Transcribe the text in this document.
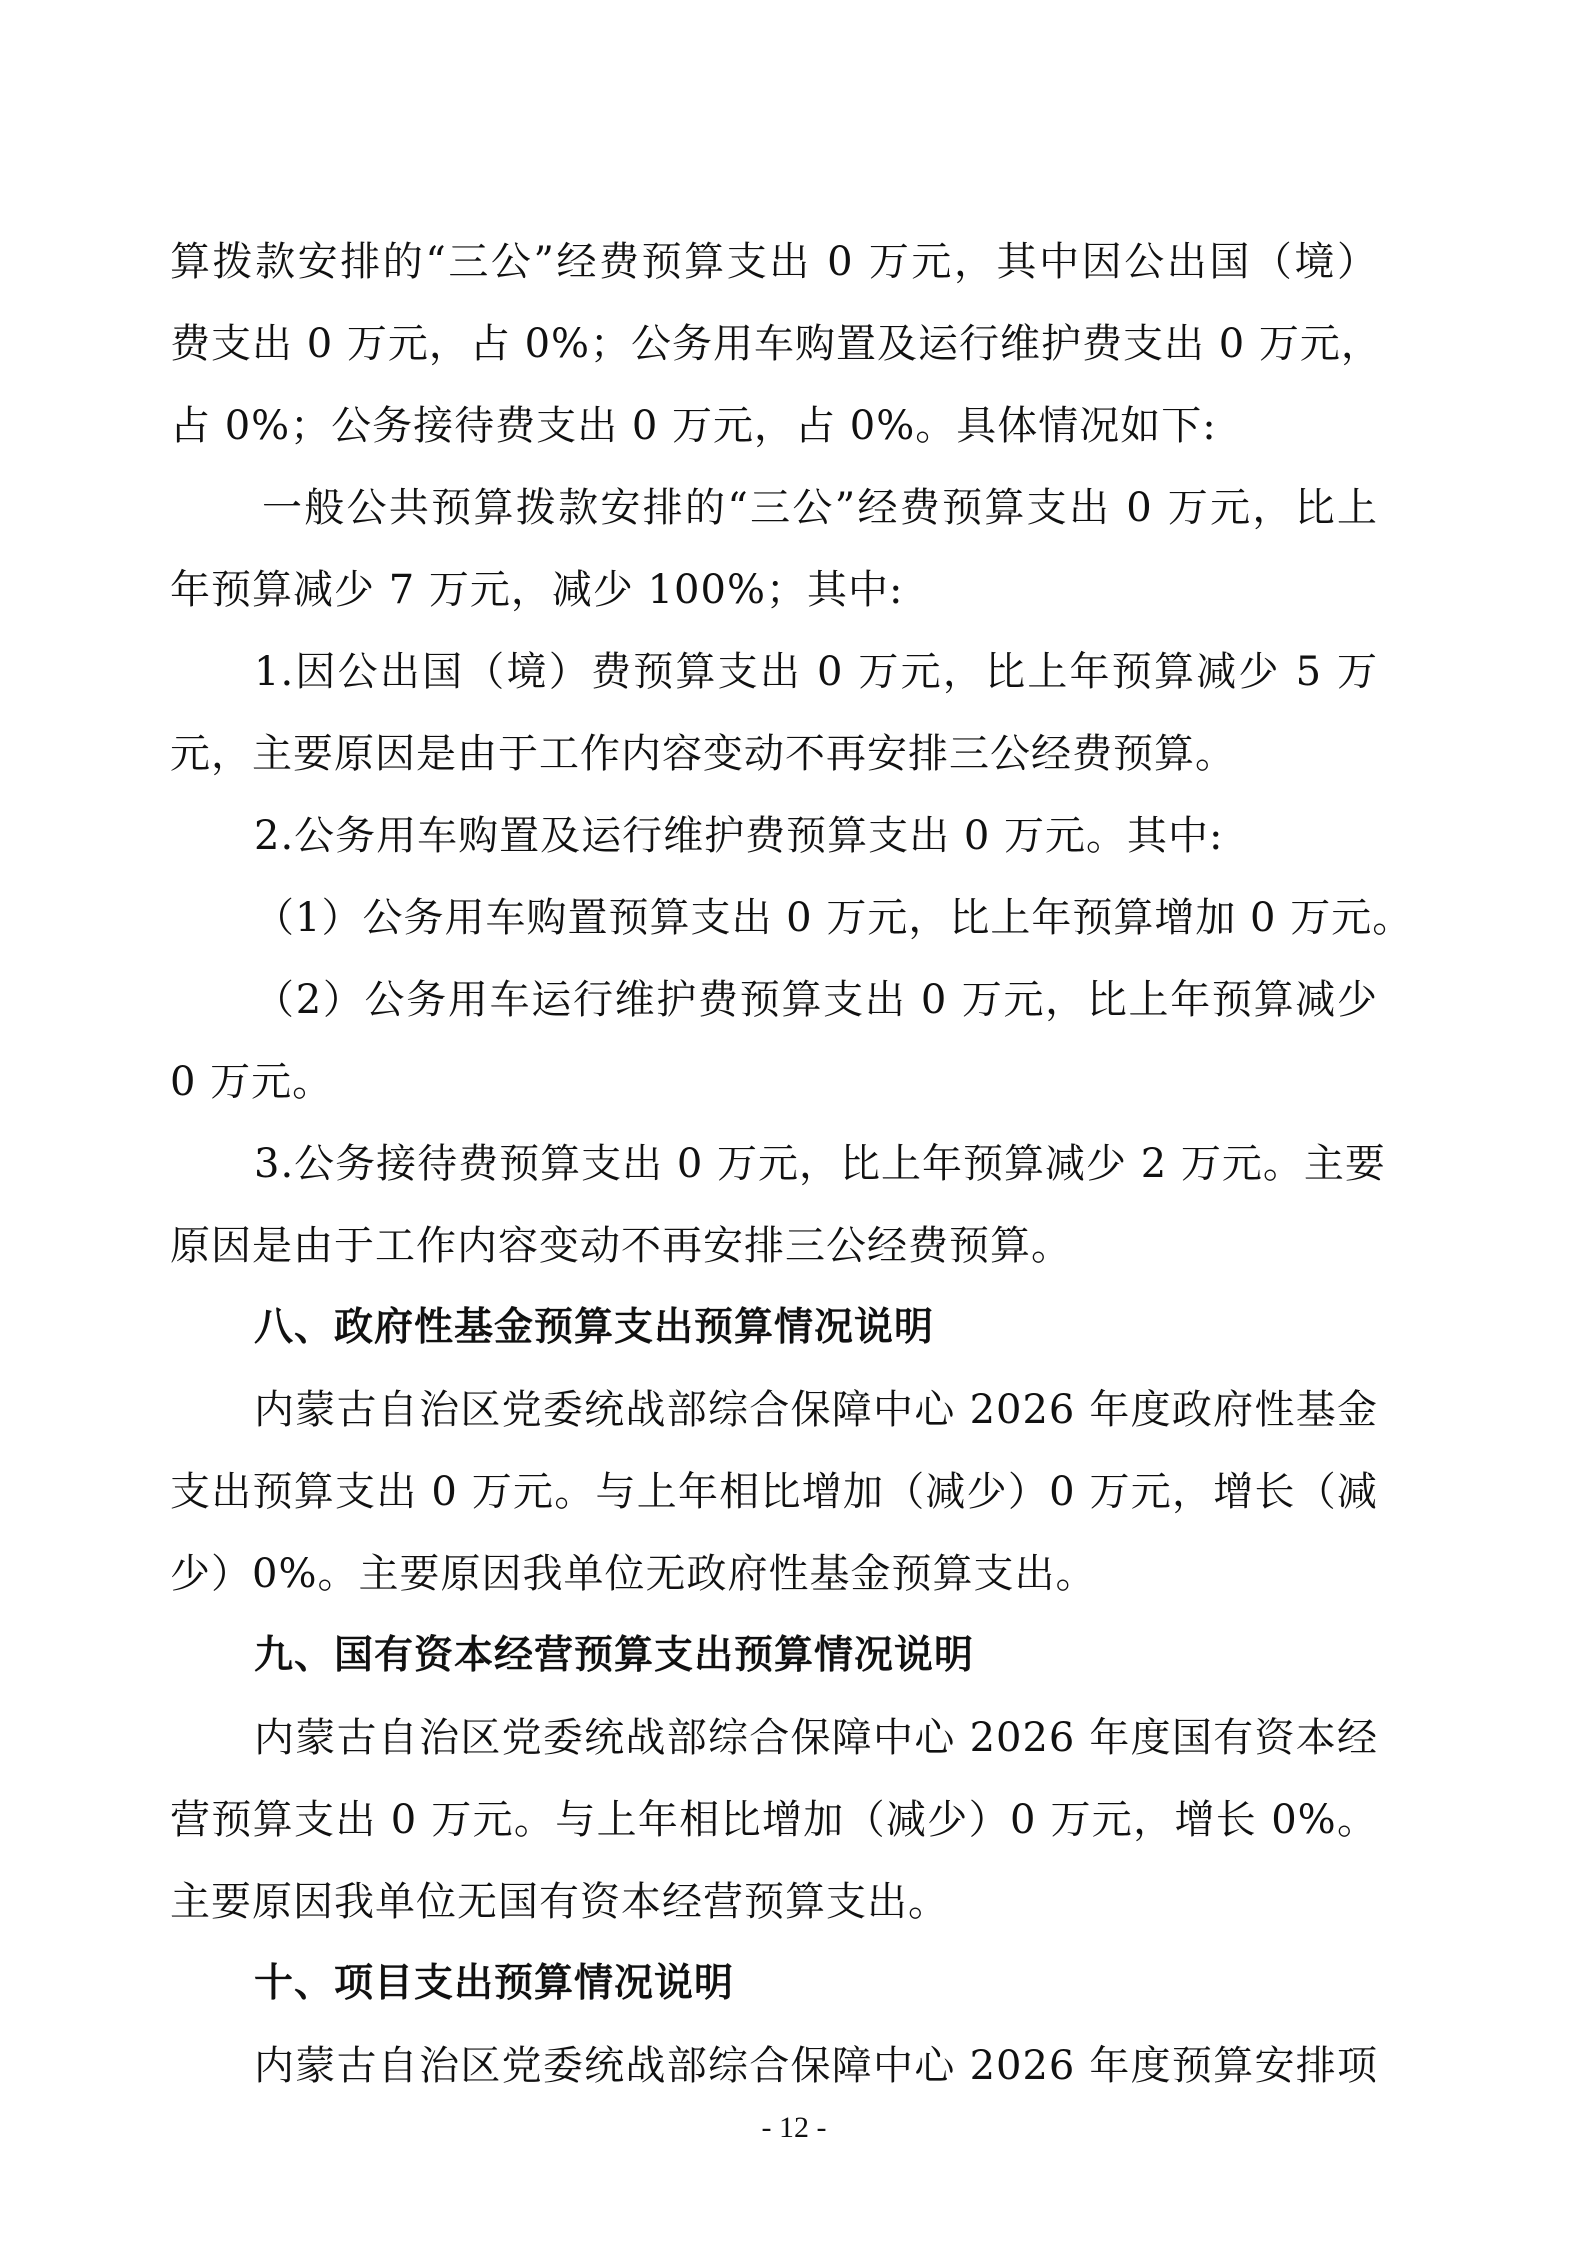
算拨款安排的“三公”经费预算支出 0 万元，其中因公出国（境）
费支出 0 万元，占 0%；公务用车购置及运行维护费支出 0 万元，
占 0%；公务接待费支出 0 万元，占 0%。具体情况如下:
一般公共预算拨款安排的“三公”经费预算支出 0 万元，比上
年预算减少 7 万元，减少 100%；其中:
1.因公出国（境）费预算支出 0 万元，比上年预算减少 5 万
元，主要原因是由于工作内容变动不再安排三公经费预算。
2.公务用车购置及运行维护费预算支出 0 万元。其中:
（1）公务用车购置预算支出 0 万元，比上年预算增加 0 万元。
（2）公务用车运行维护费预算支出 0 万元，比上年预算减少
0 万元。
3.公务接待费预算支出 0 万元，比上年预算减少 2 万元。主要
原因是由于工作内容变动不再安排三公经费预算。
八、政府性基金预算支出预算情况说明
内蒙古自治区党委统战部综合保障中心 2026 年度政府性基金
支出预算支出 0 万元。与上年相比增加（减少）0 万元，增长（减
少）0%。主要原因我单位无政府性基金预算支出。
九、国有资本经营预算支出预算情况说明
内蒙古自治区党委统战部综合保障中心 2026 年度国有资本经
营预算支出 0 万元。与上年相比增加（减少）0 万元，增长 0%。
主要原因我单位无国有资本经营预算支出。
十、项目支出预算情况说明
内蒙古自治区党委统战部综合保障中心 2026 年度预算安排项
- 12 -
